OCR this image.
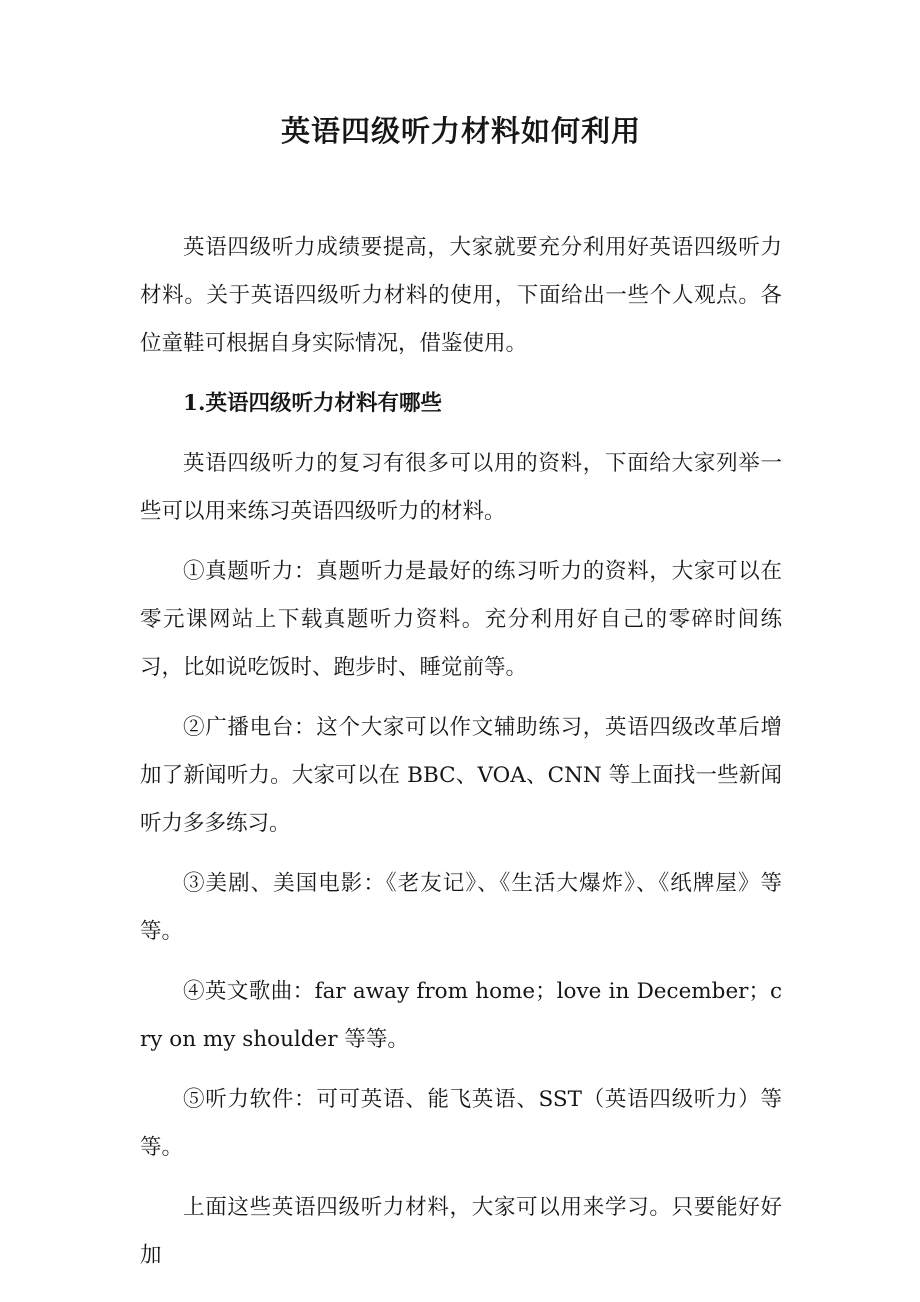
英语四级听力材料如何利用

英语四级听力成绩要提高，大家就要充分利用好英语四级听力材料。关于英语四级听力材料的使用，下面给出一些个人观点。各位童鞋可根据自身实际情况，借鉴使用。

1.英语四级听力材料有哪些

英语四级听力的复习有很多可以用的资料，下面给大家列举一些可以用来练习英语四级听力的材料。

①真题听力：真题听力是最好的练习听力的资料，大家可以在零元课网站上下载真题听力资料。充分利用好自己的零碎时间练习，比如说吃饭时、跑步时、睡觉前等。

②广播电台：这个大家可以作文辅助练习，英语四级改革后增加了新闻听力。大家可以在 BBC、VOA、CNN 等上面找一些新闻听力多多练习。

③美剧、美国电影：《老友记》、《生活大爆炸》、《纸牌屋》等等。

④英文歌曲：far away from home；love in December；cry on my shoulder 等等。

⑤听力软件：可可英语、能飞英语、SST（英语四级听力）等等。

上面这些英语四级听力材料，大家可以用来学习。只要能好好加
